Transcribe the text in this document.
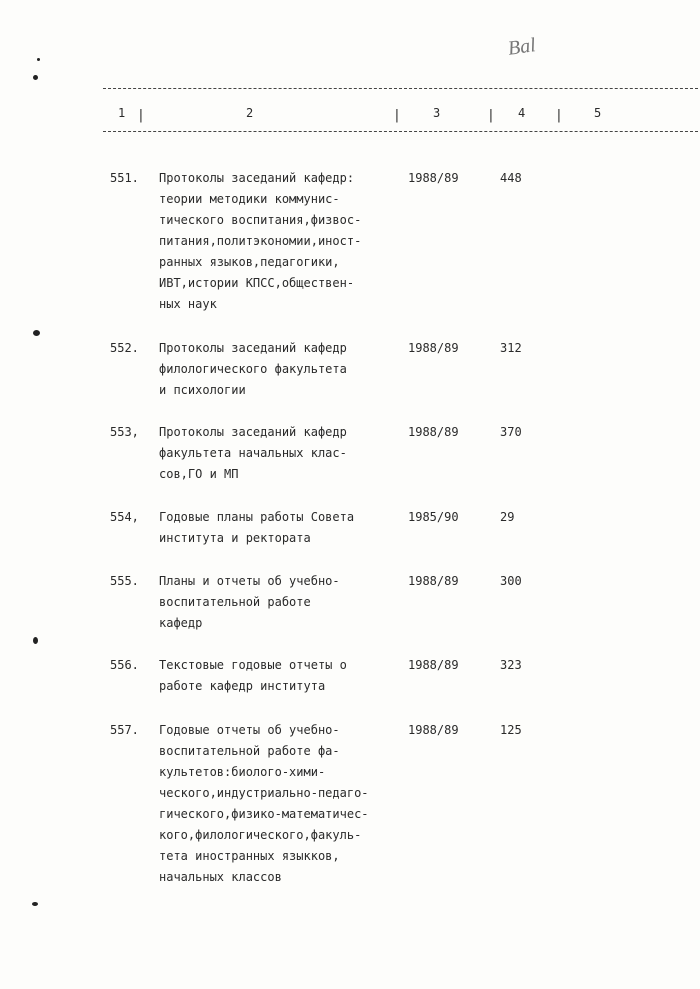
Bal
1 |	2	|	3	| 4 |	5
551. Протоколы заседаний кафедр:
теории методики коммунис-
тического воспитания,физвос-
питания,политэкономии,иност-
ранных языков,педагогики,
ИВТ,истории КПСС,обществен-
ных наук
1988/89	448
552. Протоколы заседаний кафедр
филологического факультета
и психологии
1988/89	312
553, Протоколы заседаний кафедр
факультета начальных клас-
сов,ГО и МП
1988/89	370
554, Годовые планы работы Совета
института и ректората
1985/90	29
555. Планы и отчеты об учебно-
воспитательной работе
кафедр
1988/89	300
556. Текстовые годовые отчеты о
работе кафедр института
1988/89	323
557. Годовые отчеты об учебно-
воспитательной работе фа-
культетов:биолого-хими-
ческого,индустриально-педаго-
гического,физико-математичес-
кого,филологического,факуль-
тета иностранных языкков,
начальных классов
1988/89	125
